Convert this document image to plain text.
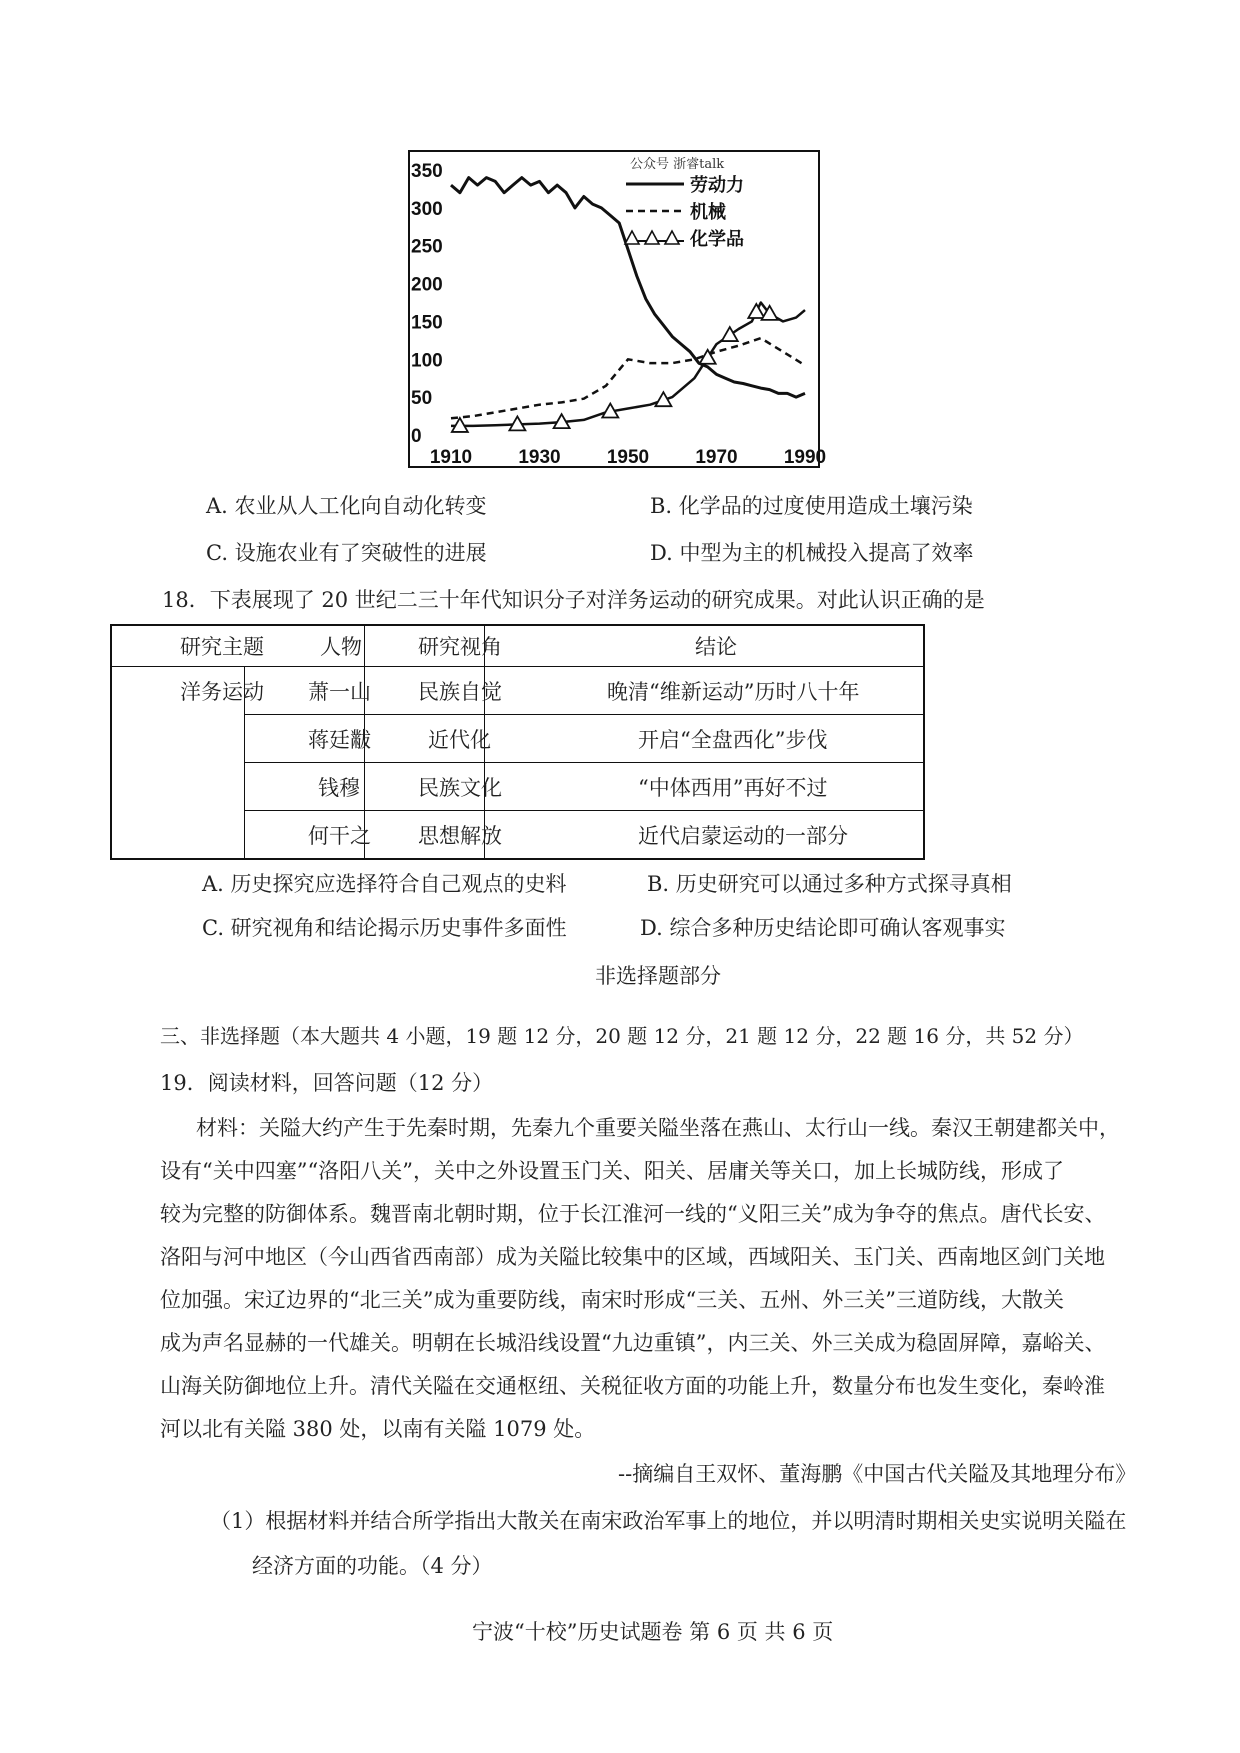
0
50
100
150
200
250
300
350
1910 1930 1950 1970 1990
公众号 浙睿talk
劳动力
机械
化学品
A. 农业从人工化向自动化转变	B. 化学品的过度使用造成土壤污染
C. 设施农业有了突破性的进展	D. 中型为主的机械投入提高了效率
18．下表展现了 20 世纪二三十年代知识分子对洋务运动的研究成果。对此认识正确的是
研究主题	人物	研究视角	结论
洋务运动 萧一山 民族自觉	晚清“维新运动”历时八十年
蒋廷黻	近代化	开启“全盘西化”步伐
钱穆	民族文化	“中体西用”再好不过
何干之 思想解放	近代启蒙运动的一部分
A. 历史探究应选择符合自己观点的史料	B. 历史研究可以通过多种方式探寻真相
C. 研究视角和结论揭示历史事件多面性	D. 综合多种历史结论即可确认客观事实
非选择题部分
三、非选择题（本大题共 4 小题，19 题 12 分，20 题 12 分，21 题 12 分，22 题 16 分，共 52 分）
19．阅读材料，回答问题（12 分）
材料：关隘大约产生于先秦时期，先秦九个重要关隘坐落在燕山、太行山一线。秦汉王朝建都关中，
设有“关中四塞”“洛阳八关”，关中之外设置玉门关、阳关、居庸关等关口，加上长城防线，形成了
较为完整的防御体系。魏晋南北朝时期，位于长江淮河一线的“义阳三关”成为争夺的焦点。唐代长安、
洛阳与河中地区（今山西省西南部）成为关隘比较集中的区域，西域阳关、玉门关、西南地区剑门关地
位加强。宋辽边界的“北三关”成为重要防线，南宋时形成“三关、五州、外三关”三道防线，大散关
成为声名显赫的一代雄关。明朝在长城沿线设置“九边重镇”，内三关、外三关成为稳固屏障，嘉峪关、
山海关防御地位上升。清代关隘在交通枢纽、关税征收方面的功能上升，数量分布也发生变化，秦岭淮
河以北有关隘 380 处，以南有关隘 1079 处。
--摘编自王双怀、董海鹏《中国古代关隘及其地理分布》
（1）根据材料并结合所学指出大散关在南宋政治军事上的地位，并以明清时期相关史实说明关隘在
经济方面的功能。（4 分）
宁波“十校”历史试题卷 第 6 页 共 6 页
